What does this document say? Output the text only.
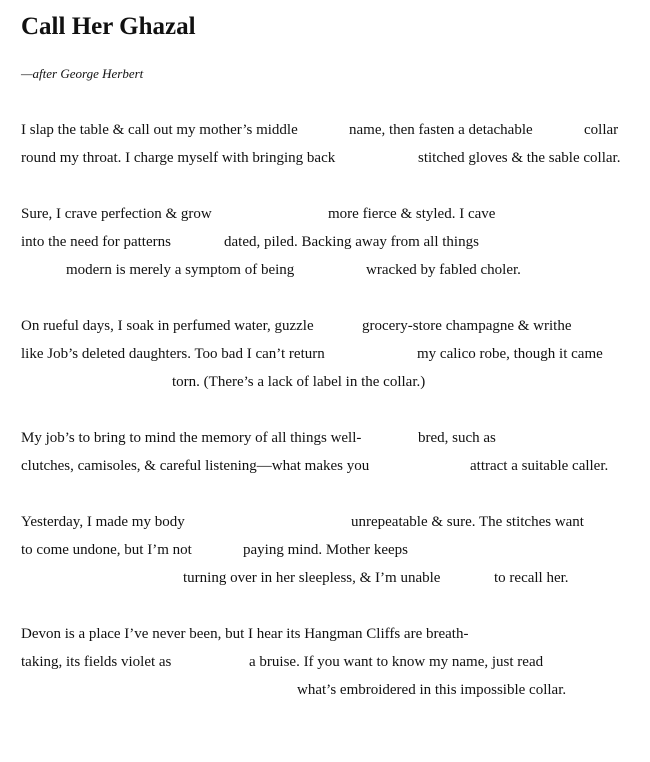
Call Her Ghazal
—after George Herbert
I slap the table & call out my mother’s middle	name, then fasten a detachable	collar
round my throat. I charge myself with bringing back	stitched gloves & the sable collar.
Sure, I crave perfection & grow	more fierce & styled. I cave
into the need for patterns	dated, piled. Backing away from all things
modern is merely a symptom of being	wracked by fabled choler.
On rueful days, I soak in perfumed water, guzzle	grocery-store champagne & writhe
like Job’s deleted daughters. Too bad I can’t return	my calico robe, though it came
torn. (There’s a lack of label in the collar.)
My job’s to bring to mind the memory of all things well-	bred, such as
clutches, camisoles, & careful listening—what makes you	attract a suitable caller.
Yesterday, I made my body	unrepeatable & sure. The stitches want
to come undone, but I’m not	paying mind. Mother keeps
turning over in her sleepless, & I’m unable	to recall her.
Devon is a place I’ve never been, but I hear its Hangman Cliffs are breath-
taking, its fields violet as	a bruise. If you want to know my name, just read
what’s embroidered in this impossible collar.
